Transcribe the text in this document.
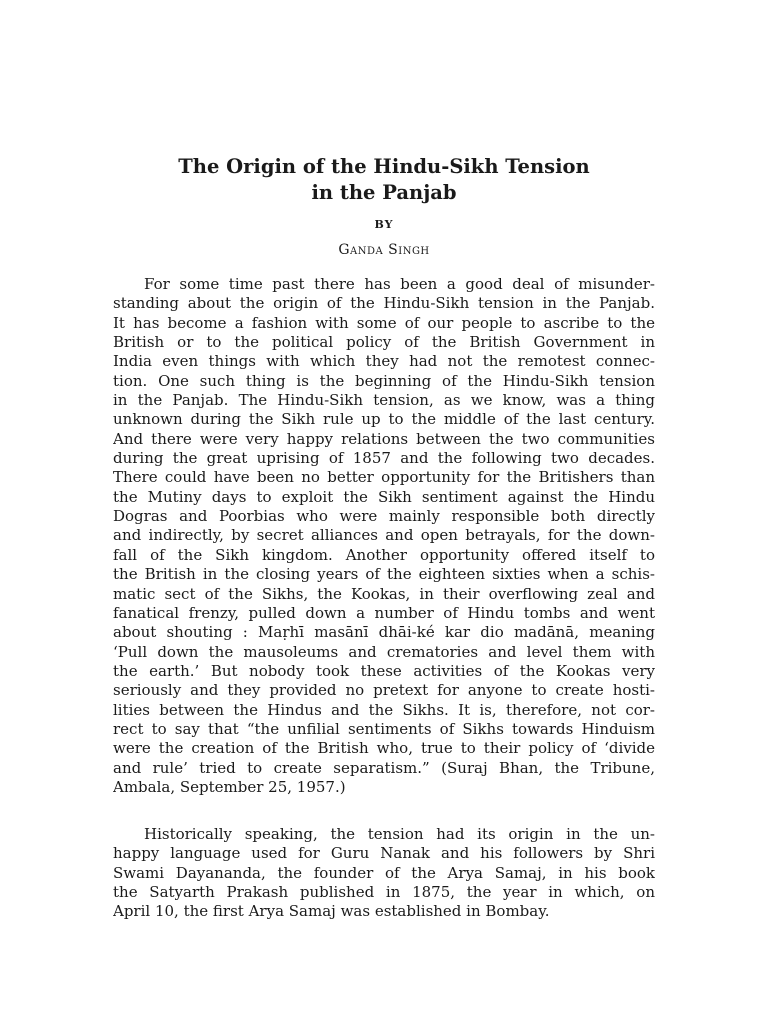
The Origin of the Hindu-Sikh Tension
in the Panjab
BY
Ganda Singh
For some time past there has been a good deal of misunder-
standing about the origin of the Hindu-Sikh tension in the Panjab.
It has become a fashion with some of our people to ascribe to the
British or to the political policy of the British Government in
India even things with which they had not the remotest connec-
tion. One such thing is the beginning of the Hindu-Sikh tension
in the Panjab. The Hindu-Sikh tension, as we know, was a thing
unknown during the Sikh rule up to the middle of the last century.
And there were very happy relations between the two communities
during the great uprising of 1857 and the following two decades.
There could have been no better opportunity for the Britishers than
the Mutiny days to exploit the Sikh sentiment against the Hindu
Dogras and Poorbias who were mainly responsible both directly
and indirectly, by secret alliances and open betrayals, for the down-
fall of the Sikh kingdom. Another opportunity offered itself to
the British in the closing years of the eighteen sixties when a schis-
matic sect of the Sikhs, the Kookas, in their overflowing zeal and
fanatical frenzy, pulled down a number of Hindu tombs and went
about shouting : Maṛhī masānī dhāi-ké kar dio madānā, meaning
‘Pull down the mausoleums and crematories and level them with
the earth.’ But nobody took these activities of the Kookas very
seriously and they provided no pretext for anyone to create hosti-
lities between the Hindus and the Sikhs. It is, therefore, not cor-
rect to say that “the unfilial sentiments of Sikhs towards Hinduism
were the creation of the British who, true to their policy of ‘divide
and rule’ tried to create separatism.” (Suraj Bhan, the Tribune,
Ambala, September 25, 1957.)
Historically speaking, the tension had its origin in the un-
happy language used for Guru Nanak and his followers by Shri
Swami Dayananda, the founder of the Arya Samaj, in his book
the Satyarth Prakash published in 1875, the year in which, on
April 10, the first Arya Samaj was established in Bombay.
